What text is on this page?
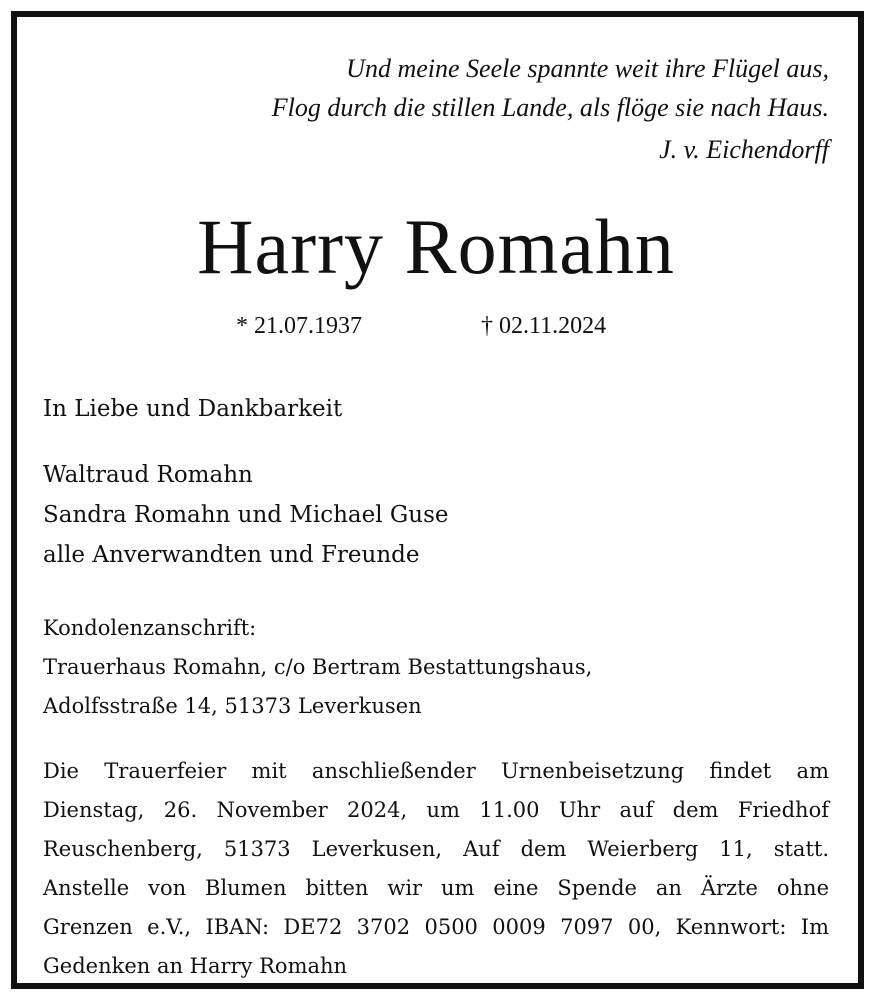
Und meine Seele spannte weit ihre Flügel aus,
Flog durch die stillen Lande, als flöge sie nach Haus.
J. v. Eichendorff
Harry Romahn
* 21.07.1937	† 02.11.2024
In Liebe und Dankbarkeit
Waltraud Romahn
Sandra Romahn und Michael Guse
alle Anverwandten und Freunde
Kondolenzanschrift:
Trauerhaus Romahn, c/o Bertram Bestattungshaus,
Adolfsstraße 14, 51373 Leverkusen
Die Trauerfeier mit anschließender Urnenbeisetzung findet am
Dienstag, 26. November 2024, um 11.00 Uhr auf dem Friedhof
Reuschenberg, 51373 Leverkusen, Auf dem Weierberg 11, statt.
Anstelle von Blumen bitten wir um eine Spende an Ärzte ohne
Grenzen e.V., IBAN: DE72 3702 0500 0009 7097 00, Kennwort: Im
Gedenken an Harry Romahn
